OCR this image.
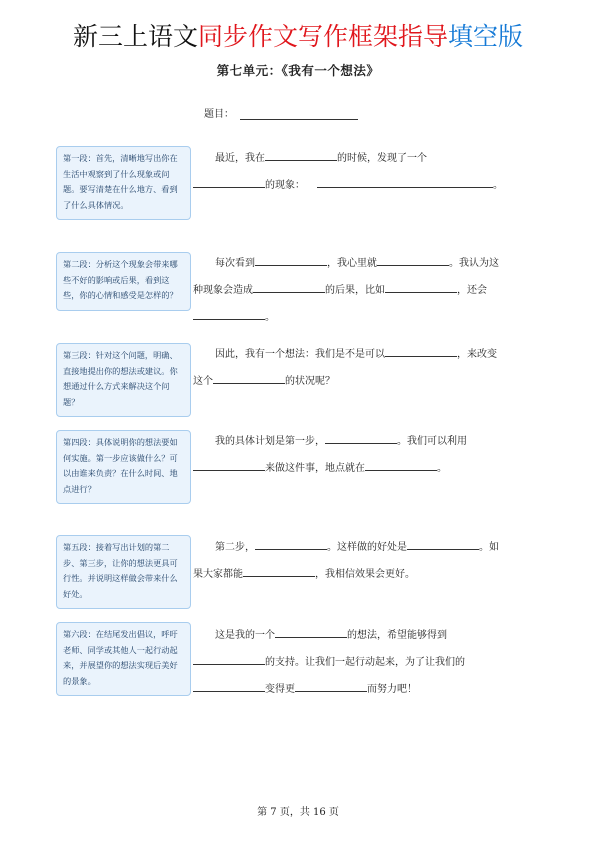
新三上语文同步作文写作框架指导填空版
第七单元：《我有一个想法》
题目：
第一段：首先，清晰地写出你在生活中观察到了什么现象或问题。要写清楚在什么地方、看到了什么具体情况。
最近，我在	的时候，发现了一个
的现象：	。
第二段：分析这个现象会带来哪些不好的影响或后果，看到这些，你的心情和感受是怎样的？
每次看到	，我心里就	。我认为这种现象会造成	的后果，比如	，还会。
第三段：针对这个问题，明确、直接地提出你的想法或建议。你想通过什么方式来解决这个问题？
因此，我有一个想法：我们是不是可以	，来改变这个	的状况呢？
第四段：具体说明你的想法要如何实施。第一步应该做什么？可以由谁来负责？在什么时间、地点进行？
我的具体计划是第一步，	。我们可以利用
来做这件事，地点就在	。
第五段：接着写出计划的第二步、第三步，让你的想法更具可行性。并说明这样做会带来什么好处。
第二步，	。这样做的好处是	。如果大家都能	，我相信效果会更好。
第六段：在结尾发出倡议，呼吁老师、同学或其他人一起行动起来，并展望你的想法实现后美好的景象。
这是我的一个	的想法，希望能够得到
的支持。让我们一起行动起来，为了让我们的
变得更	而努力吧！
第 7 页，共 16 页
